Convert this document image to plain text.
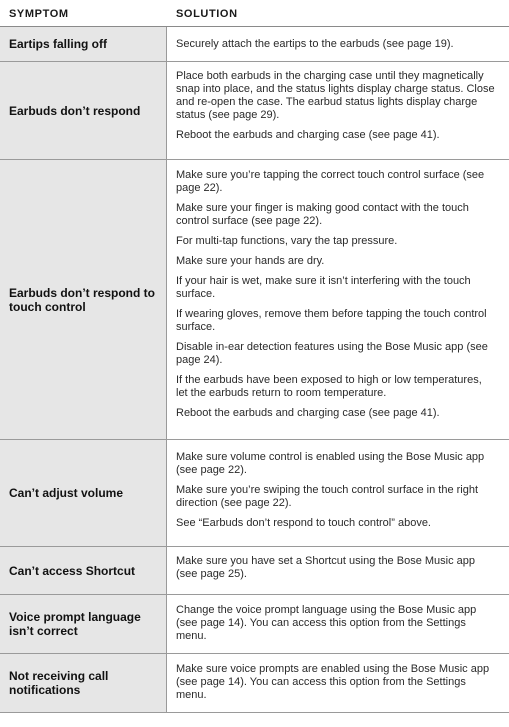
SYMPTOM	SOLUTION
Eartips falling off	Securely attach the eartips to the earbuds (see page 19).

Earbuds don’t respond

Place both earbuds in the charging case until they magnetically snap into place, and the status lights display charge status. Close and re-open the case. The earbud status lights display charge status (see page 29).

Reboot the earbuds and charging case (see page 41).

Earbuds don’t respond to touch control

Make sure you’re tapping the correct touch control surface (see page 22).

Make sure your finger is making good contact with the touch control surface (see page 22).

For multi-tap functions, vary the tap pressure.

Make sure your hands are dry.

If your hair is wet, make sure it isn’t interfering with the touch surface.

If wearing gloves, remove them before tapping the touch control surface.

Disable in-ear detection features using the Bose Music app (see page 24).

If the earbuds have been exposed to high or low temperatures, let the earbuds return to room temperature.

Reboot the earbuds and charging case (see page 41).

Can’t adjust volume

Make sure volume control is enabled using the Bose Music app (see page 22).

Make sure you’re swiping the touch control surface in the right direction (see page 22).

See “Earbuds don’t respond to touch control” above.

Can’t access Shortcut

Make sure you have set a Shortcut using the Bose Music app (see page 25).

Voice prompt language isn’t correct

Change the voice prompt language using the Bose Music app (see page 14). You can access this option from the Settings menu.

Not receiving call notifications

Make sure voice prompts are enabled using the Bose Music app (see page 14). You can access this option from the Settings menu.
